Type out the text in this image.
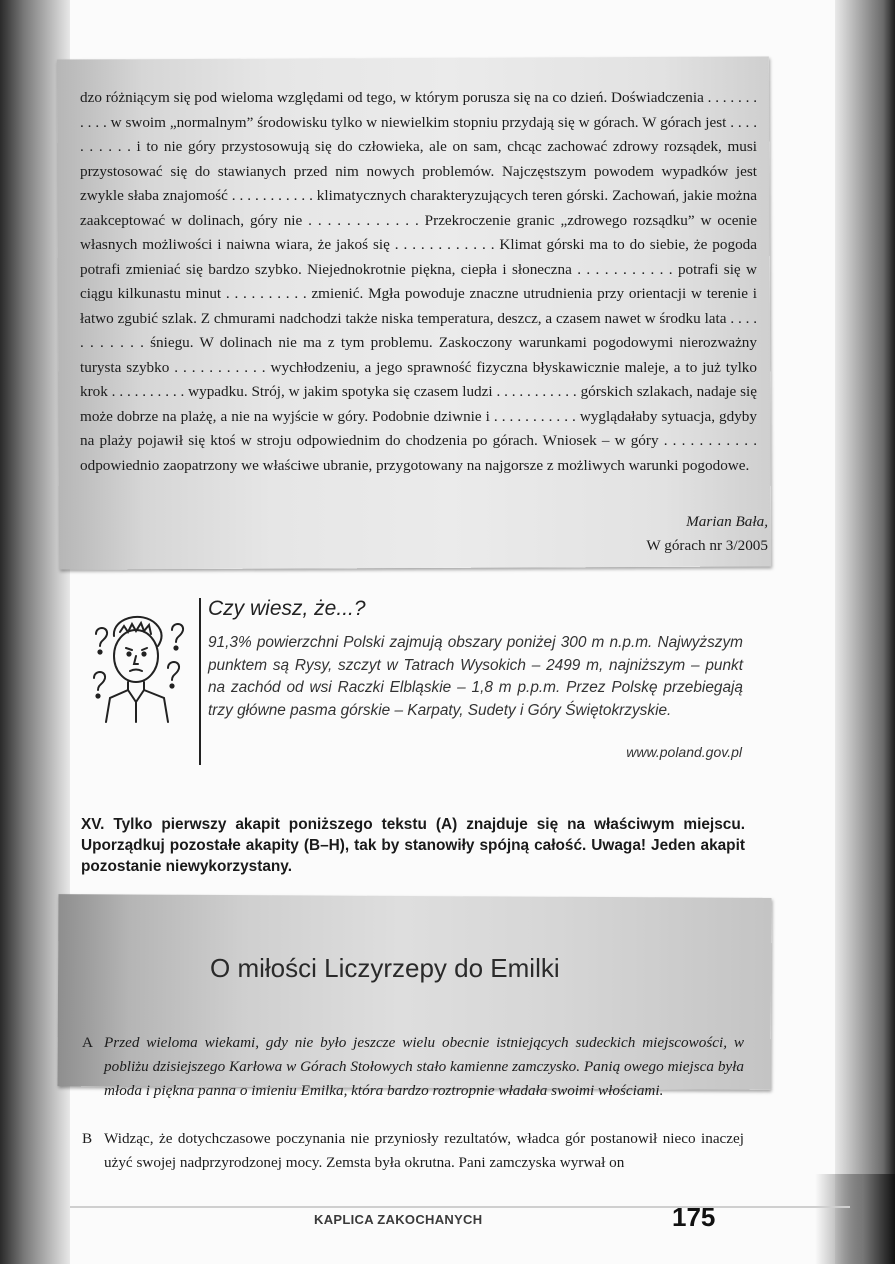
dzo różniącym się pod wieloma względami od tego, w którym porusza się na co dzień. Doświadczenia . . . . . . . . . . . w swoim „normalnym” środowisku tylko w niewielkim stopniu przydają się w górach. W górach jest . . . . . . . . . . i to nie góry przystosowują się do człowieka, ale on sam, chcąc zachować zdrowy rozsądek, musi przystosować się do stawianych przed nim nowych problemów. Najczęstszym powodem wypadków jest zwykle słaba znajomość . . . . . . . . . . . klimatycznych charakteryzujących teren górski. Zachowań, jakie można zaakceptować w dolinach, góry nie . . . . . . . . . . . . Przekroczenie granic „zdrowego rozsądku” w ocenie własnych możliwości i naiwna wiara, że jakoś się . . . . . . . . . . . . Klimat górski ma to do siebie, że pogoda potrafi zmieniać się bardzo szybko. Niejednokrotnie piękna, ciepła i słoneczna . . . . . . . . . . . potrafi się w ciągu kilkunastu minut . . . . . . . . . . zmienić. Mgła powoduje znaczne utrudnienia przy orientacji w terenie i łatwo zgubić szlak. Z chmurami nadchodzi także niska temperatura, deszcz, a czasem nawet w środku lata . . . . . . . . . . . śniegu. W dolinach nie ma z tym problemu. Zaskoczony warunkami pogodowymi nierozważny turysta szybko . . . . . . . . . . . wychłodzeniu, a jego sprawność fizyczna błyskawicznie maleje, a to już tylko krok . . . . . . . . . . wypadku. Strój, w jakim spotyka się czasem ludzi . . . . . . . . . . . górskich szlakach, nadaje się może dobrze na plażę, a nie na wyjście w góry. Podobnie dziwnie i . . . . . . . . . . . wyglądałaby sytuacja, gdyby na plaży pojawił się ktoś w stroju odpowiednim do chodzenia po górach. Wniosek – w góry . . . . . . . . . . . odpowiednio zaopatrzony we właściwe ubranie, przygotowany na najgorsze z możliwych warunki pogodowe.

Marian Bała,
W górach nr 3/2005
Czy wiesz, że...?
91,3% powierzchni Polski zajmują obszary poniżej 300 m n.p.m. Najwyższym punktem są Rysy, szczyt w Tatrach Wysokich – 2499 m, najniższym – punkt na zachód od wsi Raczki Elbląskie – 1,8 m p.p.m. Przez Polskę przebiegają trzy główne pasma górskie – Karpaty, Sudety i Góry Świętokrzyskie.
www.poland.gov.pl
XV. Tylko pierwszy akapit poniższego tekstu (A) znajduje się na właściwym miejscu. Uporządkuj pozostałe akapity (B–H), tak by stanowiły spójną całość. Uwaga! Jeden akapit pozostanie niewykorzystany.
O miłości Liczyrzepy do Emilki
A Przed wieloma wiekami, gdy nie było jeszcze wielu obecnie istniejących sudeckich miejscowości, w pobliżu dzisiejszego Karłowa w Górach Stołowych stało kamienne zamczysko. Panią owego miejsca była młoda i piękna panna o imieniu Emilka, która bardzo roztropnie władała swoimi włościami.
B Widząc, że dotychczasowe poczynania nie przyniosły rezultatów, władca gór postanowił nieco inaczej użyć swojej nadprzyrodzonej mocy. Zemsta była okrutna. Pani zamczyska wyrwał on
KAPLICA ZAKOCHANYCH	175
